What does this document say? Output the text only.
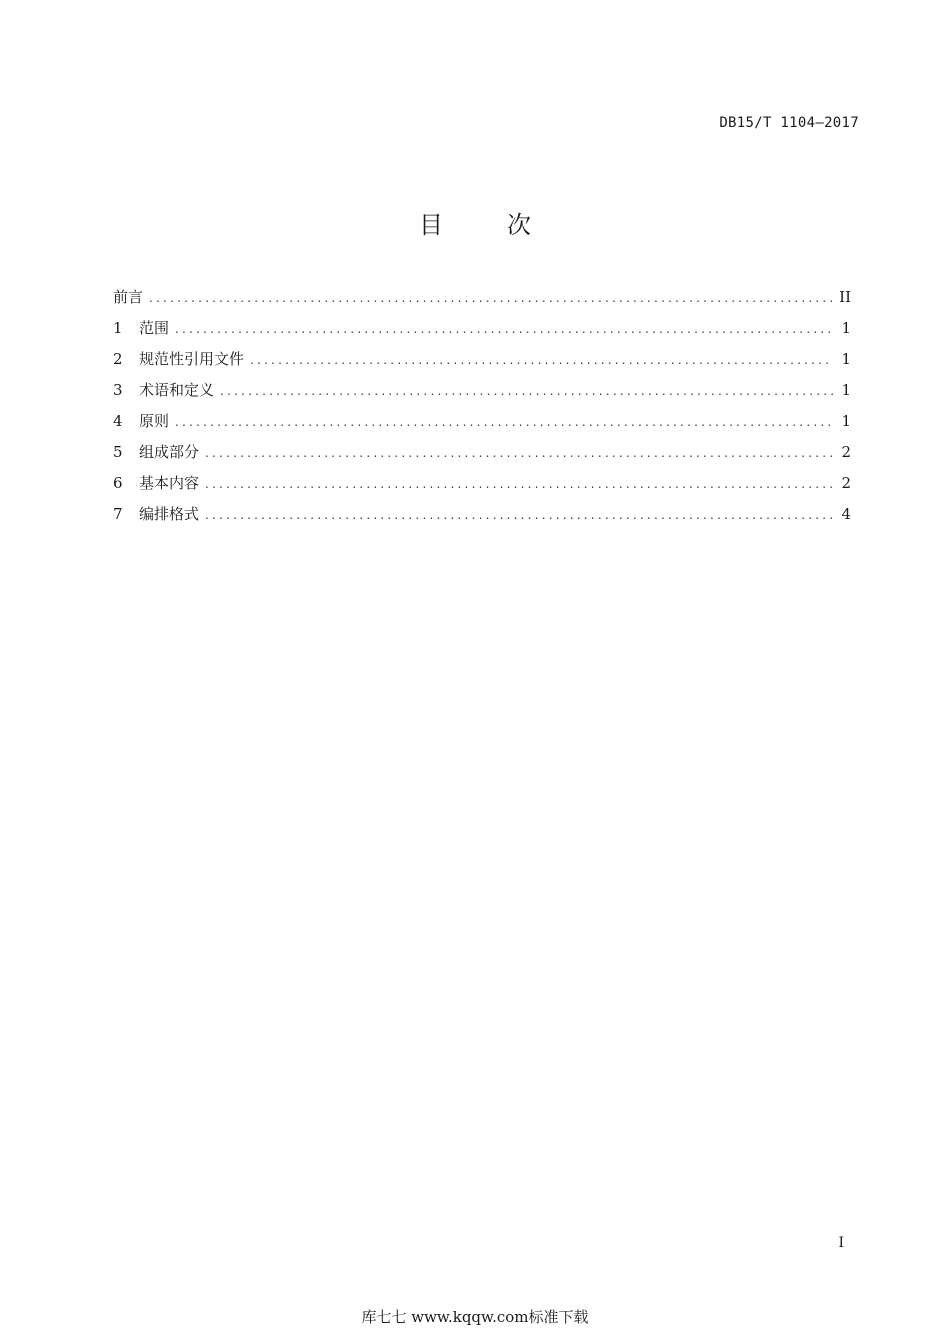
DB15/T 1104—2017
目　次
前言 .....	II
1	范围 .....	1
2	规范性引用文件 .....	1
3	术语和定义 .....	1
4	原则 .....	1
5	组成部分 .....	2
6	基本内容 .....	2
7	编排格式 .....	4
I
库七七 www.kqqw.com标准下载
